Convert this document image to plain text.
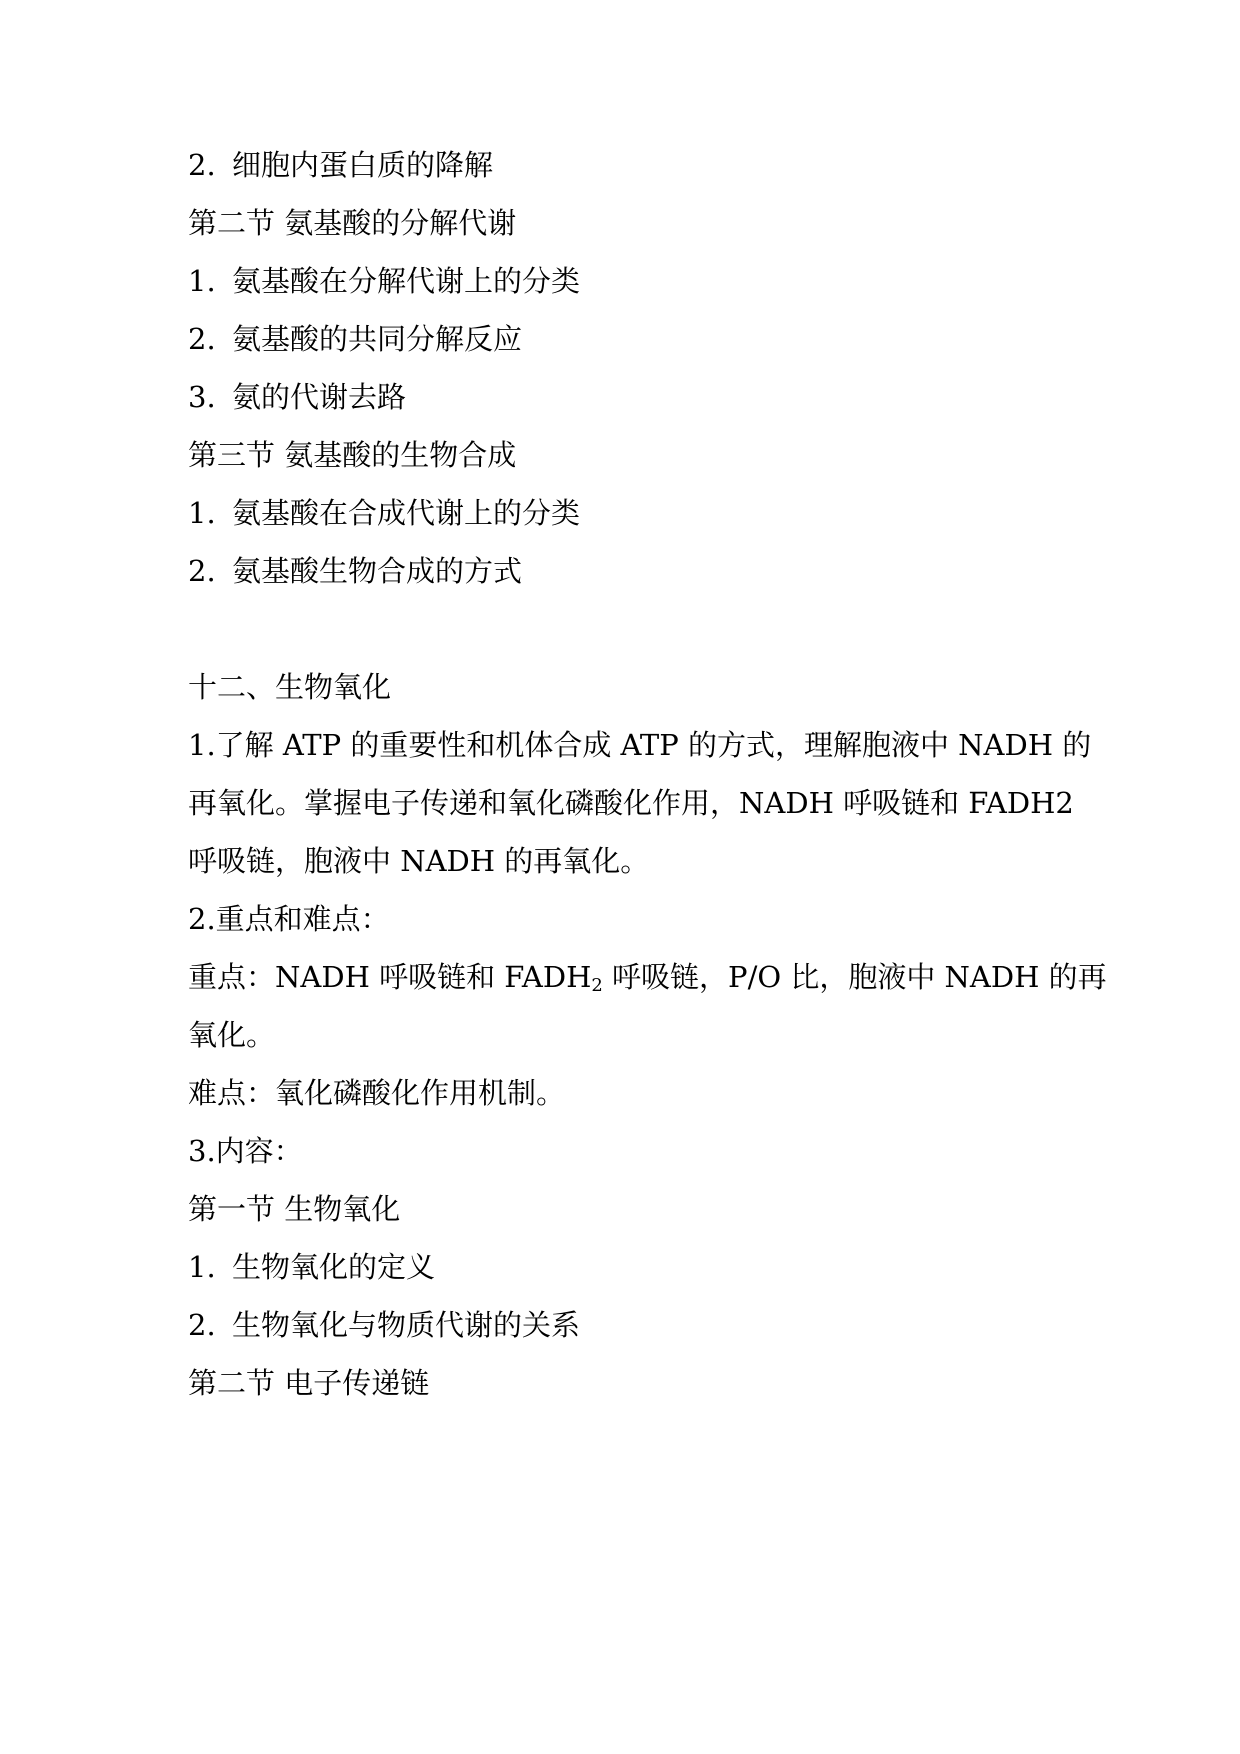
2. 细胞内蛋白质的降解
第二节 氨基酸的分解代谢
1. 氨基酸在分解代谢上的分类
2. 氨基酸的共同分解反应
3. 氨的代谢去路
第三节 氨基酸的生物合成
1. 氨基酸在合成代谢上的分类
2. 氨基酸生物合成的方式
十二、生物氧化
1.了解 ATP 的重要性和机体合成 ATP 的方式，理解胞液中 NADH 的
再氧化。掌握电子传递和氧化磷酸化作用，NADH 呼吸链和 FADH2
呼吸链，胞液中 NADH 的再氧化。
2.重点和难点：
重点：NADH 呼吸链和 $FADH_2$ 呼吸链，P/O 比，胞液中 NADH 的再
氧化。
难点：氧化磷酸化作用机制。
3.内容：
第一节 生物氧化
1. 生物氧化的定义
2. 生物氧化与物质代谢的关系
第二节 电子传递链
